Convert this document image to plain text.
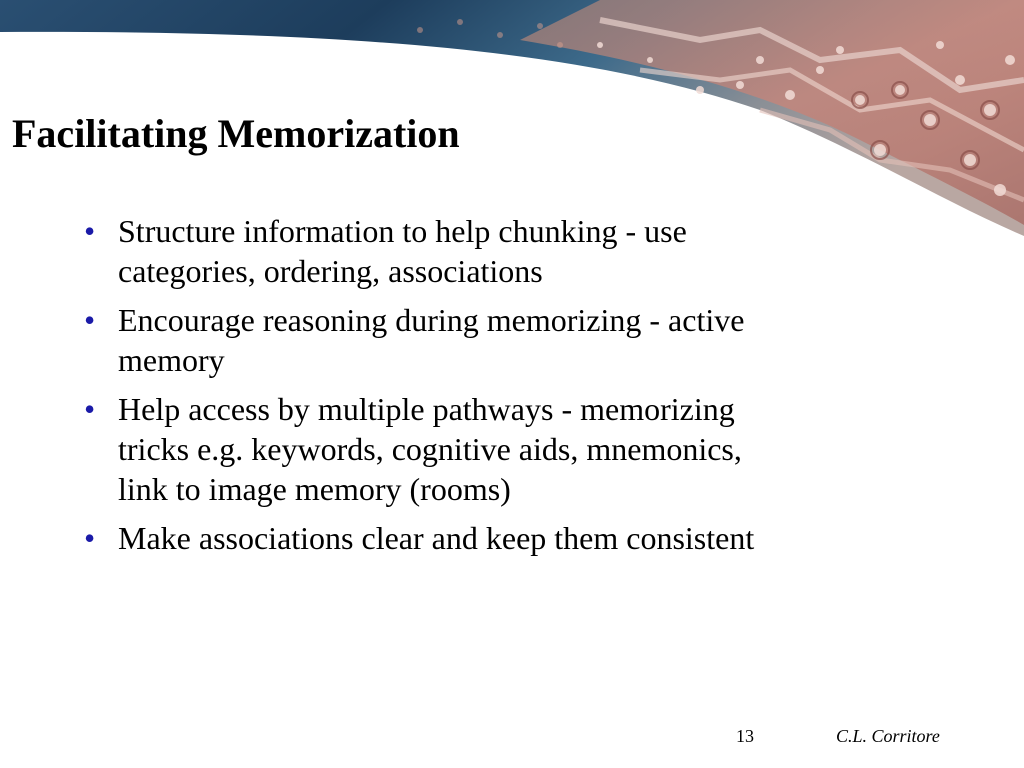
Facilitating Memorization
• Structure information to help chunking - use categories, ordering, associations
• Encourage reasoning during memorizing - active memory
• Help access by multiple pathways - memorizing tricks e.g. keywords, cognitive aids, mnemonics, link to image memory (rooms)
• Make associations clear and keep them consistent
13	C.L. Corritore
